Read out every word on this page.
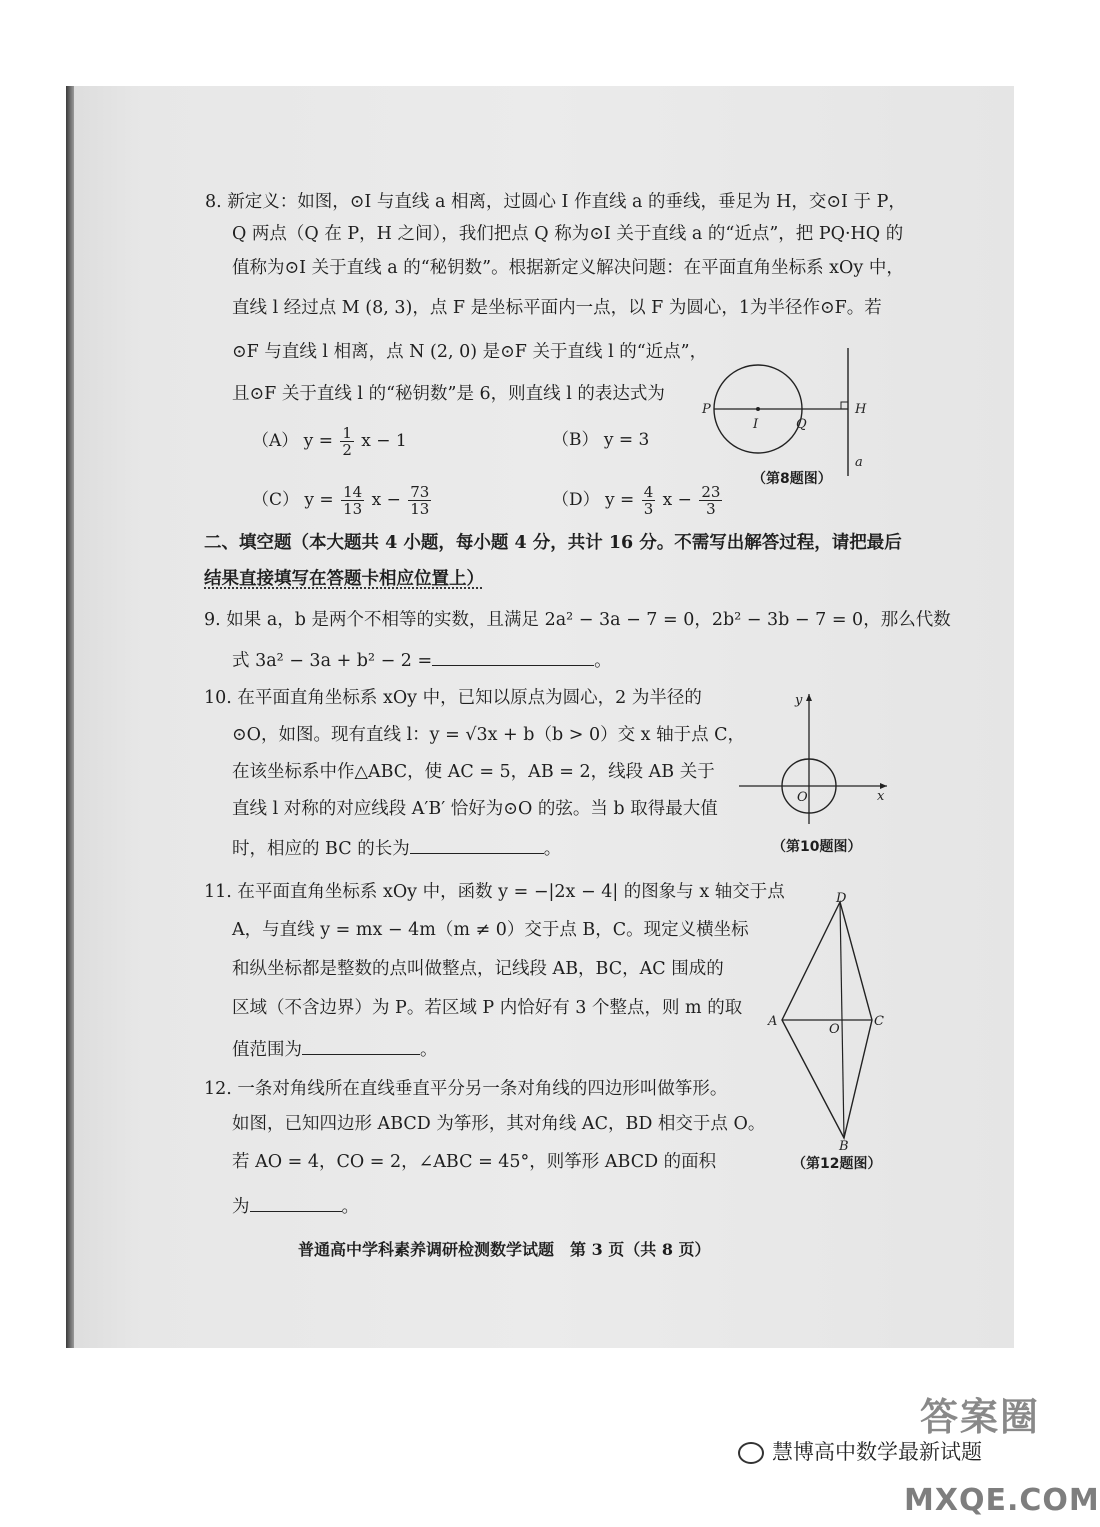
8. 新定义：如图，⊙I 与直线 a 相离，过圆心 I 作直线 a 的垂线，垂足为 H，交⊙I 于 P，
Q 两点（Q 在 P，H 之间），我们把点 Q 称为⊙I 关于直线 a 的“近点”，把 PQ·HQ 的
值称为⊙I 关于直线 a 的“秘钥数”。根据新定义解决问题：在平面直角坐标系 xOy 中，
直线 l 经过点 M (8, 3)，点 F 是坐标平面内一点，以 F 为圆心，1为半径作⊙F。若
⊙F 与直线 l 相离，点 N (2, 0) 是⊙F 关于直线 l 的“近点”，
且⊙F 关于直线 l 的“秘钥数”是 6，则直线 l 的表达式为
（A） $y = \frac{1}{2}$ x − 1	（B） y = 3
（C） $y = \frac{14}{13}$ $x - \frac{73}{13}$	（D） $y = \frac{4}{3}$ $x - \frac{23}{3}$
P
I	Q
H
a
（第8题图）
二、填空题（本大题共 4 小题，每小题 4 分，共计 16 分。不需写出解答过程，请把最后
结果直接填写在答题卡相应位置上）
9. 如果 a，b 是两个不相等的实数，且满足 2a² − 3a − 7 = 0，2b² − 3b − 7 = 0，那么代数
式 3a² − 3a + b² − 2 =	。
10. 在平面直角坐标系 xOy 中，已知以原点为圆心，2 为半径的
⊙O，如图。现有直线 l：y = √3x + b（b > 0）交 x 轴于点 C，
在该坐标系中作△ABC，使 AC = 5，AB = 2，线段 AB 关于
直线 l 对称的对应线段 A′B′ 恰好为⊙O 的弦。当 b 取得最大值
时，相应的 BC 的长为	。
x
y
O
（第10题图）
11. 在平面直角坐标系 xOy 中，函数 y = −|2x − 4| 的图象与 x 轴交于点
A，与直线 y = mx − 4m（m ≠ 0）交于点 B，C。现定义横坐标
和纵坐标都是整数的点叫做整点，记线段 AB，BC，AC 围成的
区域（不含边界）为 P。若区域 P 内恰好有 3 个整点，则 m 的取
值范围为	。
12. 一条对角线所在直线垂直平分另一条对角线的四边形叫做筝形。
如图，已知四边形 ABCD 为筝形，其对角线 AC，BD 相交于点 O。
若 AO = 4，CO = 2，∠ABC = 45°，则筝形 ABCD 的面积
为	。
D
A
O
C
B
（第12题图）
普通高中学科素养调研检测数学试题　第 3 页（共 8 页）
慧博高中数学最新试题
答案圈
MXQE.COM
